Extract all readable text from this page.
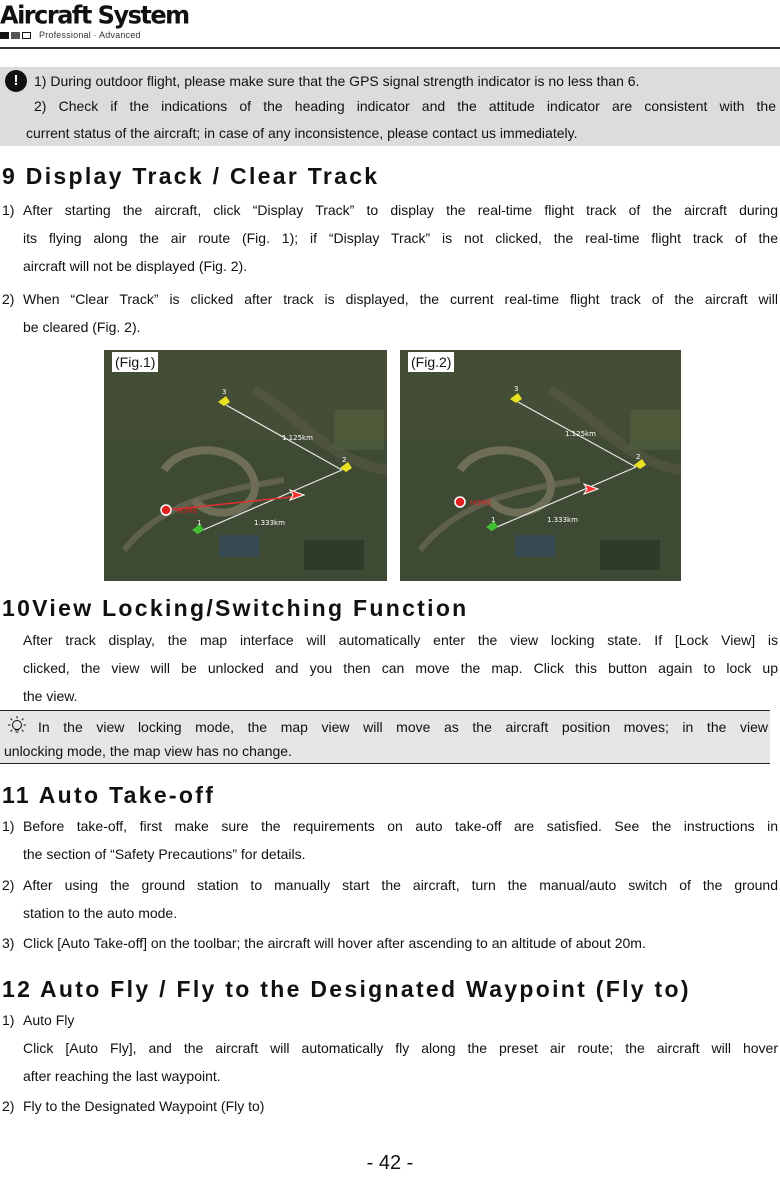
Aircraft System
Professional · Advanced
!	1) During outdoor flight, please make sure that the GPS signal strength indicator is no less than 6.
2) Check if the indications of the heading indicator and the attitude indicator are consistent with the
current status of the aircraft; in case of any inconsistence, please contact us immediately.
9 Display Track / Clear Track
1) After starting the aircraft, click “Display Track” to display the real-time flight track of the aircraft during
its flying along the air route (Fig. 1); if “Display Track” is not clicked, the real-time flight track of the
aircraft will not be displayed (Fig. 2).
2) When “Clear Track” is clicked after track is displayed, the current real-time flight track of the aircraft will
be cleared (Fig. 2).
HOME
1
2
3
1.125km
1.333km
(Fig.1)
HOME
1
2
3
1.125km
1.333km
(Fig.2)
10View Locking/Switching Function
After track display, the map interface will automatically enter the view locking state. If [Lock View] is
clicked, the view will be unlocked and you then can move the map. Click this button again to lock up
the view.
In the view locking mode, the map view will move as the aircraft position moves; in the view
unlocking mode, the map view has no change.
11 Auto Take-off
1) Before take-off, first make sure the requirements on auto take-off are satisfied. See the instructions in
the section of “Safety Precautions” for details.
2) After using the ground station to manually start the aircraft, turn the manual/auto switch of the ground
station to the auto mode.
3) Click [Auto Take-off] on the toolbar; the aircraft will hover after ascending to an altitude of about 20m.
12 Auto Fly / Fly to the Designated Waypoint (Fly to)
1) Auto Fly
Click [Auto Fly], and the aircraft will automatically fly along the preset air route; the aircraft will hover
after reaching the last waypoint.
2) Fly to the Designated Waypoint (Fly to)
- 42 -
